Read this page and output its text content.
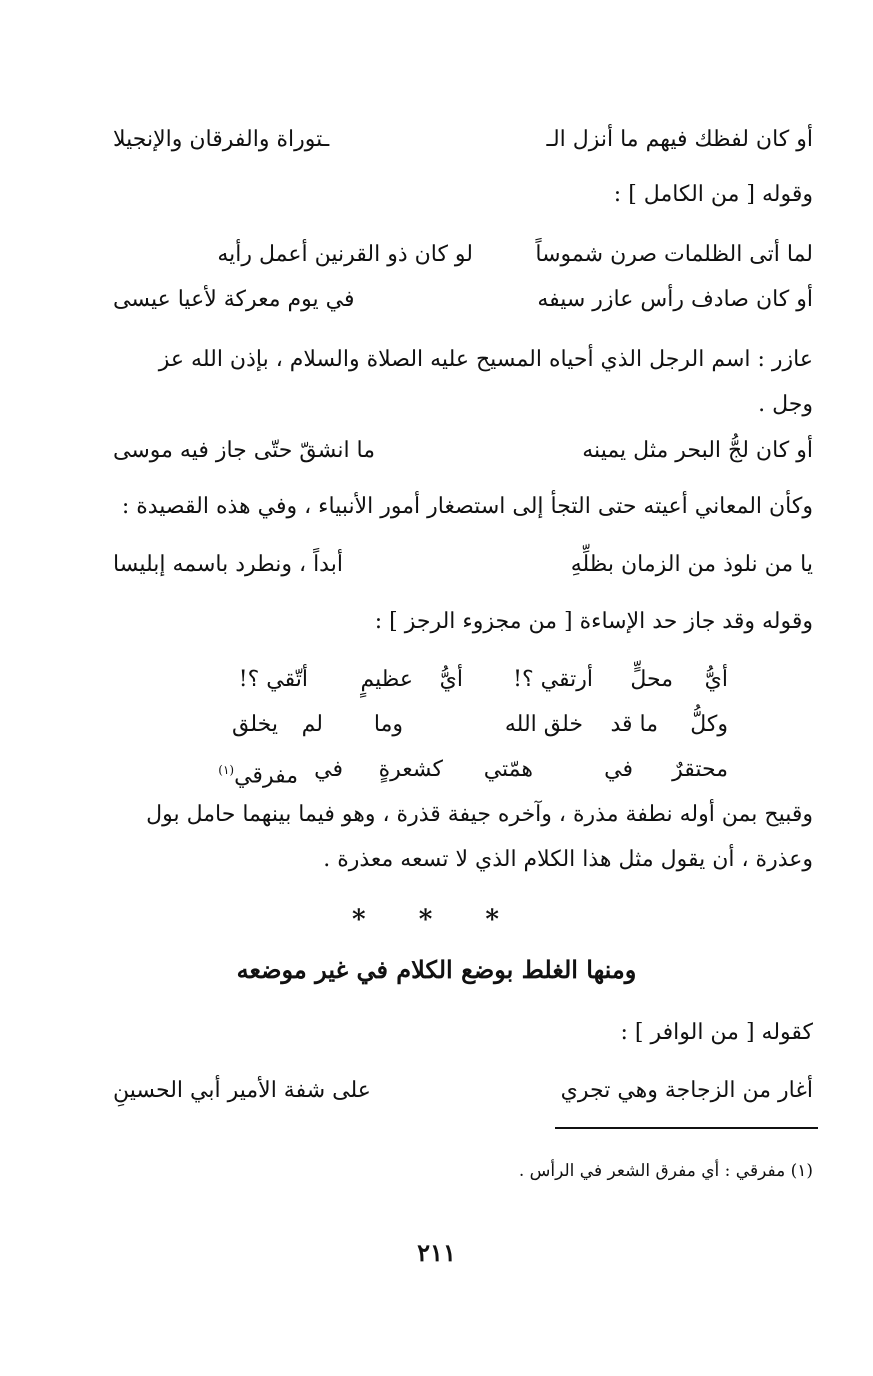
أو كان لفظك فيهم ما أنزل الـ
ـتوراة والفرقان والإنجيلا
وقوله [ من الكامل ] :
لما أتى الظلمات صرن شموساً
لو كان ذو القرنين أعمل رأيه
أو كان صادف رأس عازر سيفه
في يوم معركة لأعيا عيسى
عازر : اسم الرجل الذي أحياه المسيح عليه الصلاة والسلام ، بإذن الله عز
وجل .
أو كان لجُّ البحر مثل يمينه
ما انشقّ حتّى جاز فيه موسى
وكأن المعاني أعيته حتى التجأ إلى استصغار أمور الأنبياء ، وفي هذه القصيدة :
يا من نلوذ من الزمان بظلِّهِ
أبداً ، ونطرد باسمه إبليسا
وقوله وقد جاز حد الإساءة [ من مجزوء الرجز ] :
أيُّ
محلٍّ
أرتقي ؟!
أيُّ
عظيمٍ
أتّقي ؟!
وكلُّ
ما قد
خلق الله
وما
لم
يخلق
محتقرٌ
في
همّتي
كشعرةٍ
في
مفرقي$^{(١)}$
وقبيح بمن أوله نطفة مذرة ، وآخره جيفة قذرة ، وهو فيما بينهما حامل بول
وعذرة ، أن يقول مثل هذا الكلام الذي لا تسعه معذرة .
* * *
ومنها الغلط بوضع الكلام في غير موضعه
كقوله [ من الوافر ] :
أغار من الزجاجة وهي تجري
على شفة الأمير أبي الحسينِ
(١) مفرقي : أي مفرق الشعر في الرأس .
٢١١
